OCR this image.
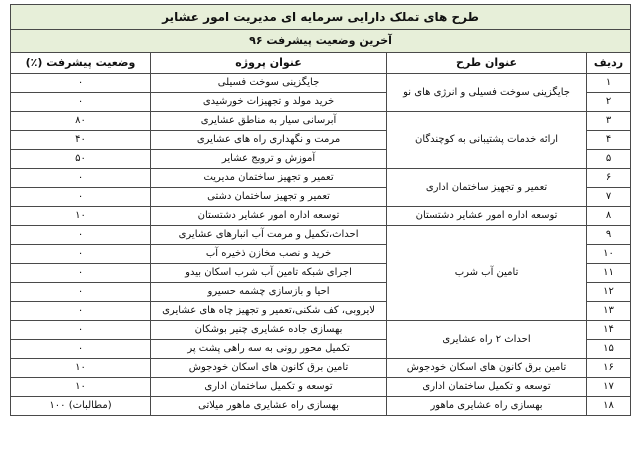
طرح های تملک دارایی سرمایه ای مدیریت امور عشایر			
آخرین وضعیت پیشرفت ۹۶			
ردیف	عنوان طرح	عنوان پروژه	وضعیت پیشرفت (٪)
۱	جایگزینی سوخت فسیلی و انرژی های نو	جایگزینی سوخت فسیلی	۰
۲		خرید مولد و تجهیزات خورشیدی	۰
۳	ارائه خدمات پشتیبانی به کوچندگان	آبرسانی سیار به مناطق عشایری	۸۰
۴		مرمت و نگهداری راه های عشایری	۴۰
۵		آموزش و ترویج عشایر	۵۰
۶	تعمیر و تجهیز ساختمان اداری	تعمیر و تجهیز ساختمان مدیریت	۰
۷		تعمیر و تجهیز ساختمان دشتی	۰
۸	توسعه اداره امور عشایر دشتستان	توسعه اداره امور عشایر دشتستان	۱۰
۹	تامین آب شرب	احداث،تکمیل و مرمت آب انبارهای عشایری	۰
۱۰		خرید و نصب مخازن ذخیره آب	۰
۱۱		اجرای شبکه تامین آب شرب اسکان بیدو	۰
۱۲		احیا و بازسازی چشمه حسیرو	۰
۱۳		لایروبی، کف شکنی،تعمیر و تجهیز چاه های عشایری	۰
۱۴	احداث ۲ راه عشایری	بهسازی جاده عشایری چنیر بوشکان	۰
۱۵		تکمیل محور رونی به سه راهی پشت پر	۰
۱۶	تامین برق کانون های اسکان خودجوش	تامین برق کانون های اسکان خودجوش	۱۰
۱۷	توسعه و تکمیل ساختمان اداری	توسعه و تکمیل ساختمان اداری	۱۰
۱۸	بهسازی راه عشایری ماهور	بهسازی راه عشایری ماهور میلاتی	(مطالبات) ۱۰۰
